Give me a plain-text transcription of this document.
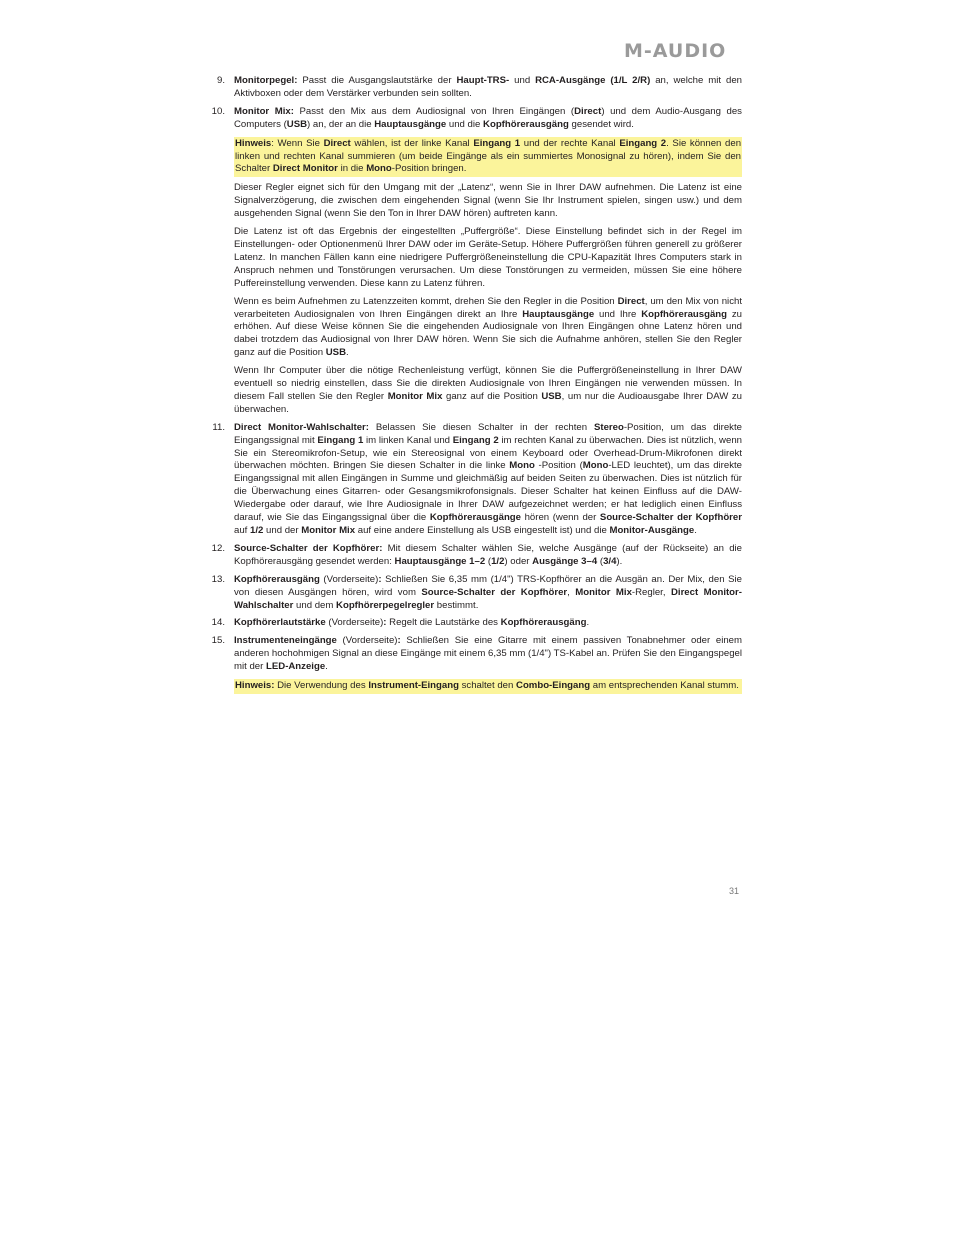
M-AUDIO
9. Monitorpegel: Passt die Ausgangslautstärke der Haupt-TRS- und RCA-Ausgänge (1/L 2/R) an, welche mit den Aktivboxen oder dem Verstärker verbunden sein sollten.
10. Monitor Mix: Passt den Mix aus dem Audiosignal von Ihren Eingängen (Direct) und dem Audio-Ausgang des Computers (USB) an, der an die Hauptausgänge und die Kopfhörerausgäng gesendet wird.
Hinweis: Wenn Sie Direct wählen, ist der linke Kanal Eingang 1 und der rechte Kanal Eingang 2. Sie können den linken und rechten Kanal summieren (um beide Eingänge als ein summiertes Monosignal zu hören), indem Sie den Schalter Direct Monitor in die Mono-Position bringen.
Dieser Regler eignet sich für den Umgang mit der „Latenz“, wenn Sie in Ihrer DAW aufnehmen. Die Latenz ist eine Signalverzögerung, die zwischen dem eingehenden Signal (wenn Sie Ihr Instrument spielen, singen usw.) und dem ausgehenden Signal (wenn Sie den Ton in Ihrer DAW hören) auftreten kann.
Die Latenz ist oft das Ergebnis der eingestellten „Puffergröße“. Diese Einstellung befindet sich in der Regel im Einstellungen- oder Optionenmenü Ihrer DAW oder im Geräte-Setup. Höhere Puffergrößen führen generell zu größerer Latenz. In manchen Fällen kann eine niedrigere Puffergrößeneinstellung die CPU-Kapazität Ihres Computers stark in Anspruch nehmen und Tonstörungen verursachen. Um diese Tonstörungen zu vermeiden, müssen Sie eine höhere Puffereinstellung verwenden. Diese kann zu Latenz führen.
Wenn es beim Aufnehmen zu Latenzzeiten kommt, drehen Sie den Regler in die Position Direct, um den Mix von nicht verarbeiteten Audiosignalen von Ihren Eingängen direkt an Ihre Hauptausgänge und Ihre Kopfhörerausgäng zu erhöhen. Auf diese Weise können Sie die eingehenden Audiosignale von Ihren Eingängen ohne Latenz hören und dabei trotzdem das Audiosignal von Ihrer DAW hören. Wenn Sie sich die Aufnahme anhören, stellen Sie den Regler ganz auf die Position USB.
Wenn Ihr Computer über die nötige Rechenleistung verfügt, können Sie die Puffergrößeneinstellung in Ihrer DAW eventuell so niedrig einstellen, dass Sie die direkten Audiosignale von Ihren Eingängen nie verwenden müssen. In diesem Fall stellen Sie den Regler Monitor Mix ganz auf die Position USB, um nur die Audioausgabe Ihrer DAW zu überwachen.
11. Direct Monitor-Wahlschalter: Belassen Sie diesen Schalter in der rechten Stereo-Position, um das direkte Eingangssignal mit Eingang 1 im linken Kanal und Eingang 2 im rechten Kanal zu überwachen. Dies ist nützlich, wenn Sie ein Stereomikrofon-Setup, wie ein Stereosignal von einem Keyboard oder Overhead-Drum-Mikrofonen direkt überwachen möchten. Bringen Sie diesen Schalter in die linke Mono -Position (Mono-LED leuchtet), um das direkte Eingangssignal mit allen Eingängen in Summe und gleichmäßig auf beiden Seiten zu überwachen. Dies ist nützlich für die Überwachung eines Gitarren- oder Gesangsmikrofonsignals. Dieser Schalter hat keinen Einfluss auf die DAW-Wiedergabe oder darauf, wie Ihre Audiosignale in Ihrer DAW aufgezeichnet werden; er hat lediglich einen Einfluss darauf, wie Sie das Eingangssignal über die Kopfhörerausgänge hören (wenn der Source-Schalter der Kopfhörer auf 1/2 und der Monitor Mix auf eine andere Einstellung als USB eingestellt ist) und die Monitor-Ausgänge.
12. Source-Schalter der Kopfhörer: Mit diesem Schalter wählen Sie, welche Ausgänge (auf der Rückseite) an die Kopfhörerausgäng gesendet werden: Hauptausgänge 1–2 (1/2) oder Ausgänge 3–4 (3/4).
13. Kopfhörerausgäng (Vorderseite): Schließen Sie 6,35 mm (1/4") TRS-Kopfhörer an die Ausgän an. Der Mix, den Sie von diesen Ausgängen hören, wird vom Source-Schalter der Kopfhörer, Monitor Mix-Regler, Direct Monitor-Wahlschalter und dem Kopfhörerpegelregler bestimmt.
14. Kopfhörerlautstärke (Vorderseite): Regelt die Lautstärke des Kopfhörerausgäng.
15. Instrumenteneingänge (Vorderseite): Schließen Sie eine Gitarre mit einem passiven Tonabnehmer oder einem anderen hochohmigen Signal an diese Eingänge mit einem 6,35 mm (1/4") TS-Kabel an. Prüfen Sie den Eingangspegel mit der LED-Anzeige.
Hinweis: Die Verwendung des Instrument-Eingang schaltet den Combo-Eingang am entsprechenden Kanal stumm.
31
